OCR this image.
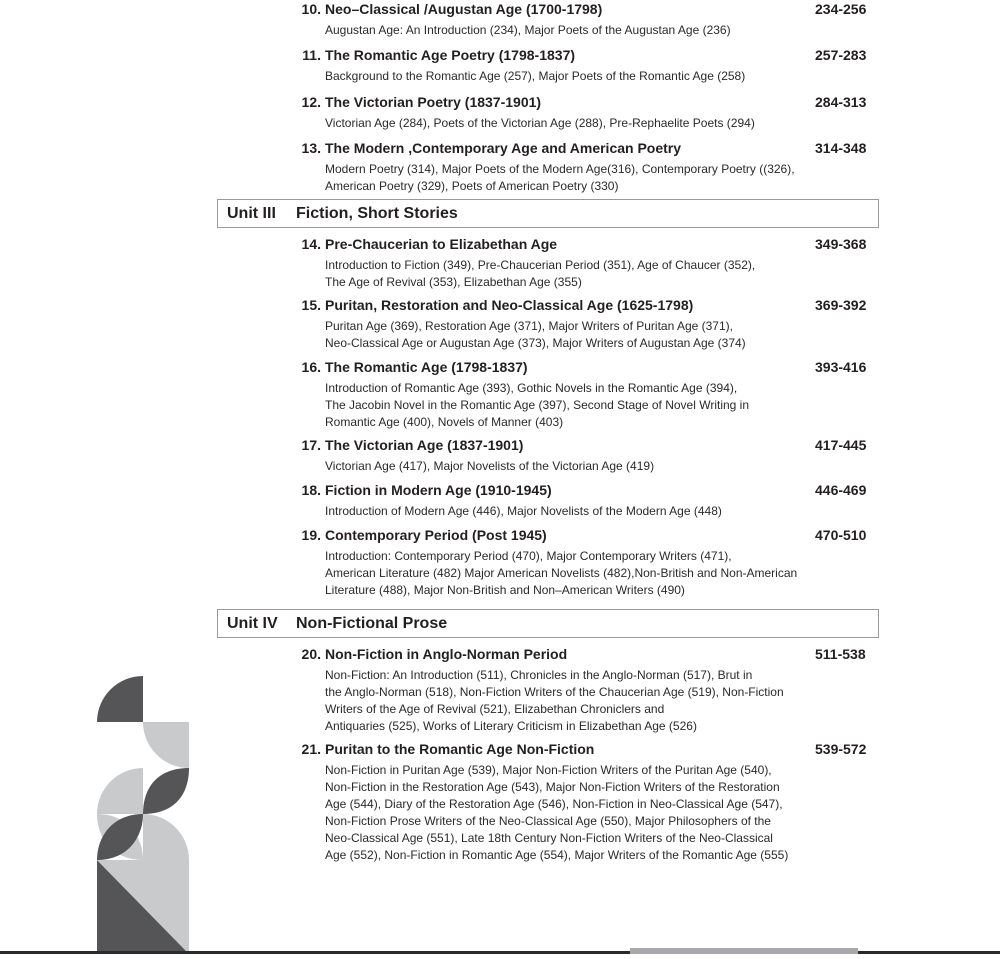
10. Neo–Classical /Augustan Age (1700-1798)	234-256
Augustan Age: An Introduction (234), Major Poets of the Augustan Age (236)
11. The Romantic Age Poetry (1798-1837)	257-283
Background to the Romantic Age (257), Major Poets of the Romantic Age (258)
12. The Victorian Poetry (1837-1901)	284-313
Victorian Age (284), Poets of the Victorian Age (288), Pre-Rephaelite Poets (294)
13. The Modern ,Contemporary Age and American Poetry	314-348
Modern Poetry (314), Major Poets of the Modern Age(316), Contemporary Poetry ((326),
American Poetry (329), Poets of American Poetry (330)
Unit III Fiction, Short Stories
14. Pre-Chaucerian to Elizabethan Age	349-368
Introduction to Fiction (349), Pre-Chaucerian Period (351), Age of Chaucer (352),
The Age of Revival (353), Elizabethan Age (355)
15. Puritan, Restoration and Neo-Classical Age (1625-1798)	369-392
Puritan Age (369), Restoration Age (371), Major Writers of Puritan Age (371),
Neo-Classical Age or Augustan Age (373), Major Writers of Augustan Age (374)
16. The Romantic Age (1798-1837)	393-416
Introduction of Romantic Age (393), Gothic Novels in the Romantic Age (394),
The Jacobin Novel in the Romantic Age (397), Second Stage of Novel Writing in
Romantic Age (400), Novels of Manner (403)
17. The Victorian Age (1837-1901)	417-445
Victorian Age (417), Major Novelists of the Victorian Age (419)
18. Fiction in Modern Age (1910-1945)	446-469
Introduction of Modern Age (446), Major Novelists of the Modern Age (448)
19. Contemporary Period (Post 1945)	470-510
Introduction: Contemporary Period (470), Major Contemporary Writers (471),
American Literature (482) Major American Novelists (482),Non-British and Non-American
Literature (488), Major Non-British and Non–American Writers (490)
Unit IV Non-Fictional Prose
20. Non-Fiction in Anglo-Norman Period	511-538
Non-Fiction: An Introduction (511), Chronicles in the Anglo-Norman (517), Brut in
the Anglo-Norman (518), Non-Fiction Writers of the Chaucerian Age (519), Non-Fiction
Writers of the Age of Revival (521), Elizabethan Chroniclers and
Antiquaries (525), Works of Literary Criticism in Elizabethan Age (526)
21. Puritan to the Romantic Age Non-Fiction	539-572
Non-Fiction in Puritan Age (539), Major Non-Fiction Writers of the Puritan Age (540),
Non-Fiction in the Restoration Age (543), Major Non-Fiction Writers of the Restoration
Age (544), Diary of the Restoration Age (546), Non-Fiction in Neo-Classical Age (547),
Non-Fiction Prose Writers of the Neo-Classical Age (550), Major Philosophers of the
Neo-Classical Age (551), Late 18th Century Non-Fiction Writers of the Neo-Classical
Age (552), Non-Fiction in Romantic Age (554), Major Writers of the Romantic Age (555)
